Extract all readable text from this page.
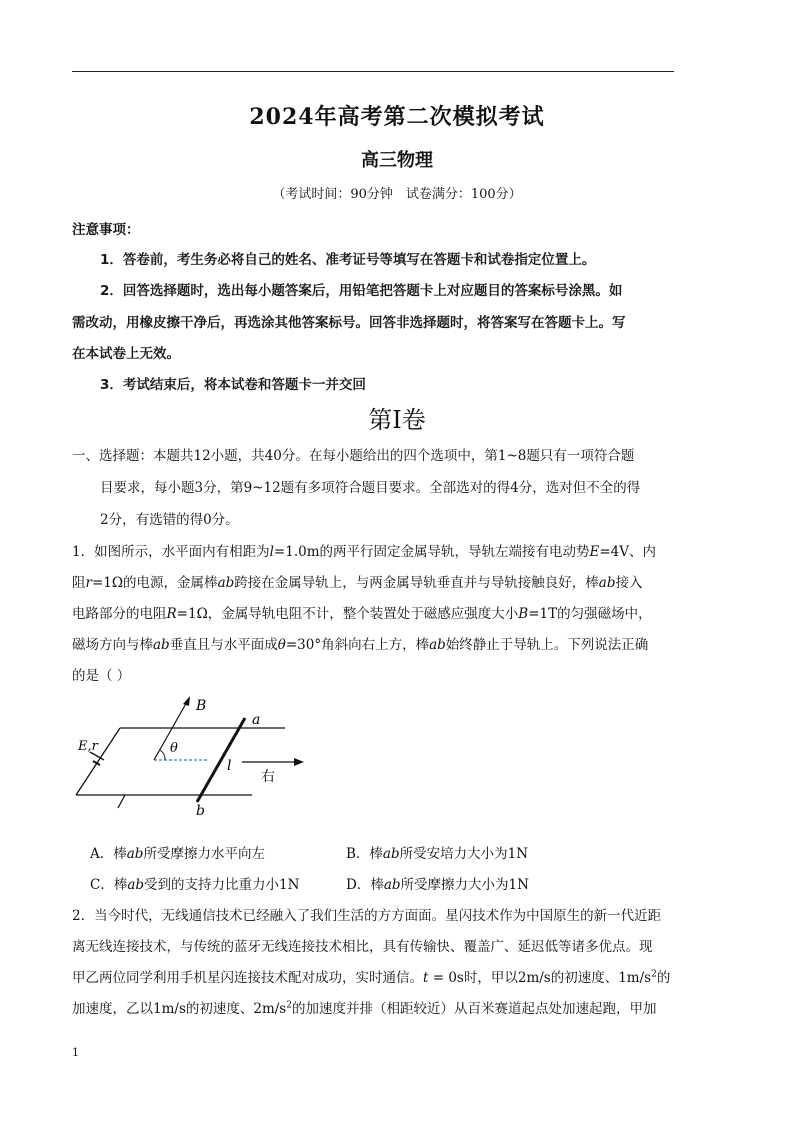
2024年高考第二次模拟考试
高三物理
（考试时间：90分钟　试卷满分：100分）
注意事项：
1．答卷前，考生务必将自己的姓名、准考证号等填写在答题卡和试卷指定位置上。
2．回答选择题时，选出每小题答案后，用铅笔把答题卡上对应题目的答案标号涂黑。如
需改动，用橡皮擦干净后，再选涂其他答案标号。回答非选择题时，将答案写在答题卡上。写
在本试卷上无效。
3．考试结束后，将本试卷和答题卡一并交回
第Ⅰ卷
一、选择题：本题共12小题，共40分。在每小题给出的四个选项中，第1~8题只有一项符合题
目要求，每小题3分，第9~12题有多项符合题目要求。全部选对的得4分，选对但不全的得
2分，有选错的得0分。
1．如图所示，水平面内有相距为l=1.0m的两平行固定金属导轨，导轨左端接有电动势E=4V、内
阻r=1Ω的电源，金属棒ab跨接在金属导轨上，与两金属导轨垂直并与导轨接触良好，棒ab接入
电路部分的电阻R=1Ω，金属导轨电阻不计，整个装置处于磁感应强度大小B=1T的匀强磁场中，
磁场方向与棒ab垂直且与水平面成θ=30°角斜向右上方，棒ab始终静止于导轨上。下列说法正确
的是（ ）
B
a
b
E,r	θ
l
右
A．棒ab所受摩擦力水平向左	B．棒ab所受安培力大小为1N
C．棒ab受到的支持力比重力小1N	D．棒ab所受摩擦力大小为1N
2．当今时代，无线通信技术已经融入了我们生活的方方面面。星闪技术作为中国原生的新一代近距
离无线连接技术，与传统的蓝牙无线连接技术相比，具有传输快、覆盖广、延迟低等诸多优点。现
甲乙两位同学利用手机星闪连接技术配对成功，实时通信。t = 0s时，甲以2m/s的初速度、$1m/s^2$的
加速度，乙以1m/s的初速度、$2m/s^2$的加速度并排（相距较近）从百米赛道起点处加速起跑，甲加
1
